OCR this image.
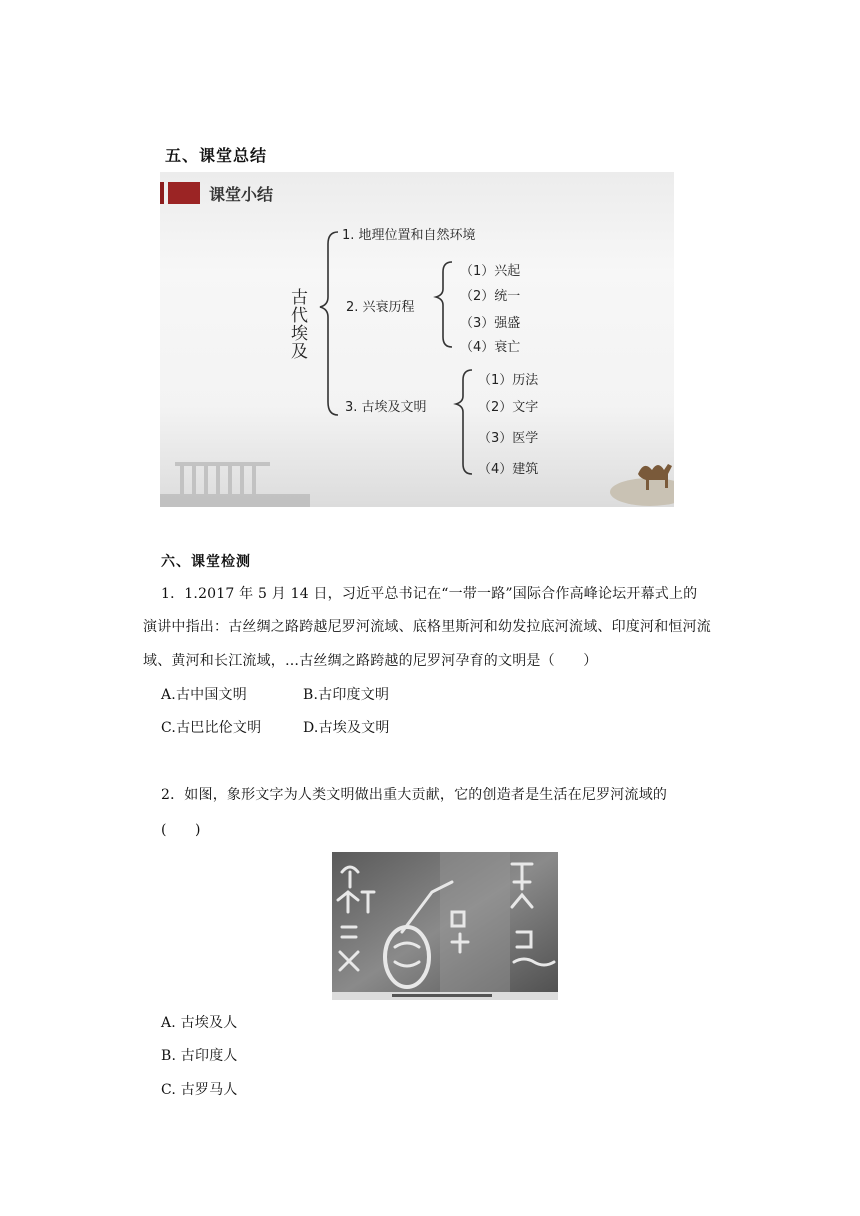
五、课堂总结
课堂小结
古代埃及
1. 地理位置和自然环境
2. 兴衰历程
（1）兴起
（2）统一
（3）强盛
（4）衰亡
3. 古埃及文明
（1）历法
（2）文字
（3）医学
（4）建筑
六、课堂检测
1．1.2017 年 5 月 14 日，习近平总书记在“一带一路”国际合作高峰论坛开幕式上的
演讲中指出：古丝绸之路跨越尼罗河流域、底格里斯河和幼发拉底河流域、印度河和恒河流
域、黄河和长江流域，…古丝绸之路跨越的尼罗河孕育的文明是（　　）
A.古中国文明	B.古印度文明
C.古巴比伦文明	D.古埃及文明
2．如图，象形文字为人类文明做出重大贡献，它的创造者是生活在尼罗河流域的
(　　)
A. 古埃及人
B. 古印度人
C. 古罗马人
